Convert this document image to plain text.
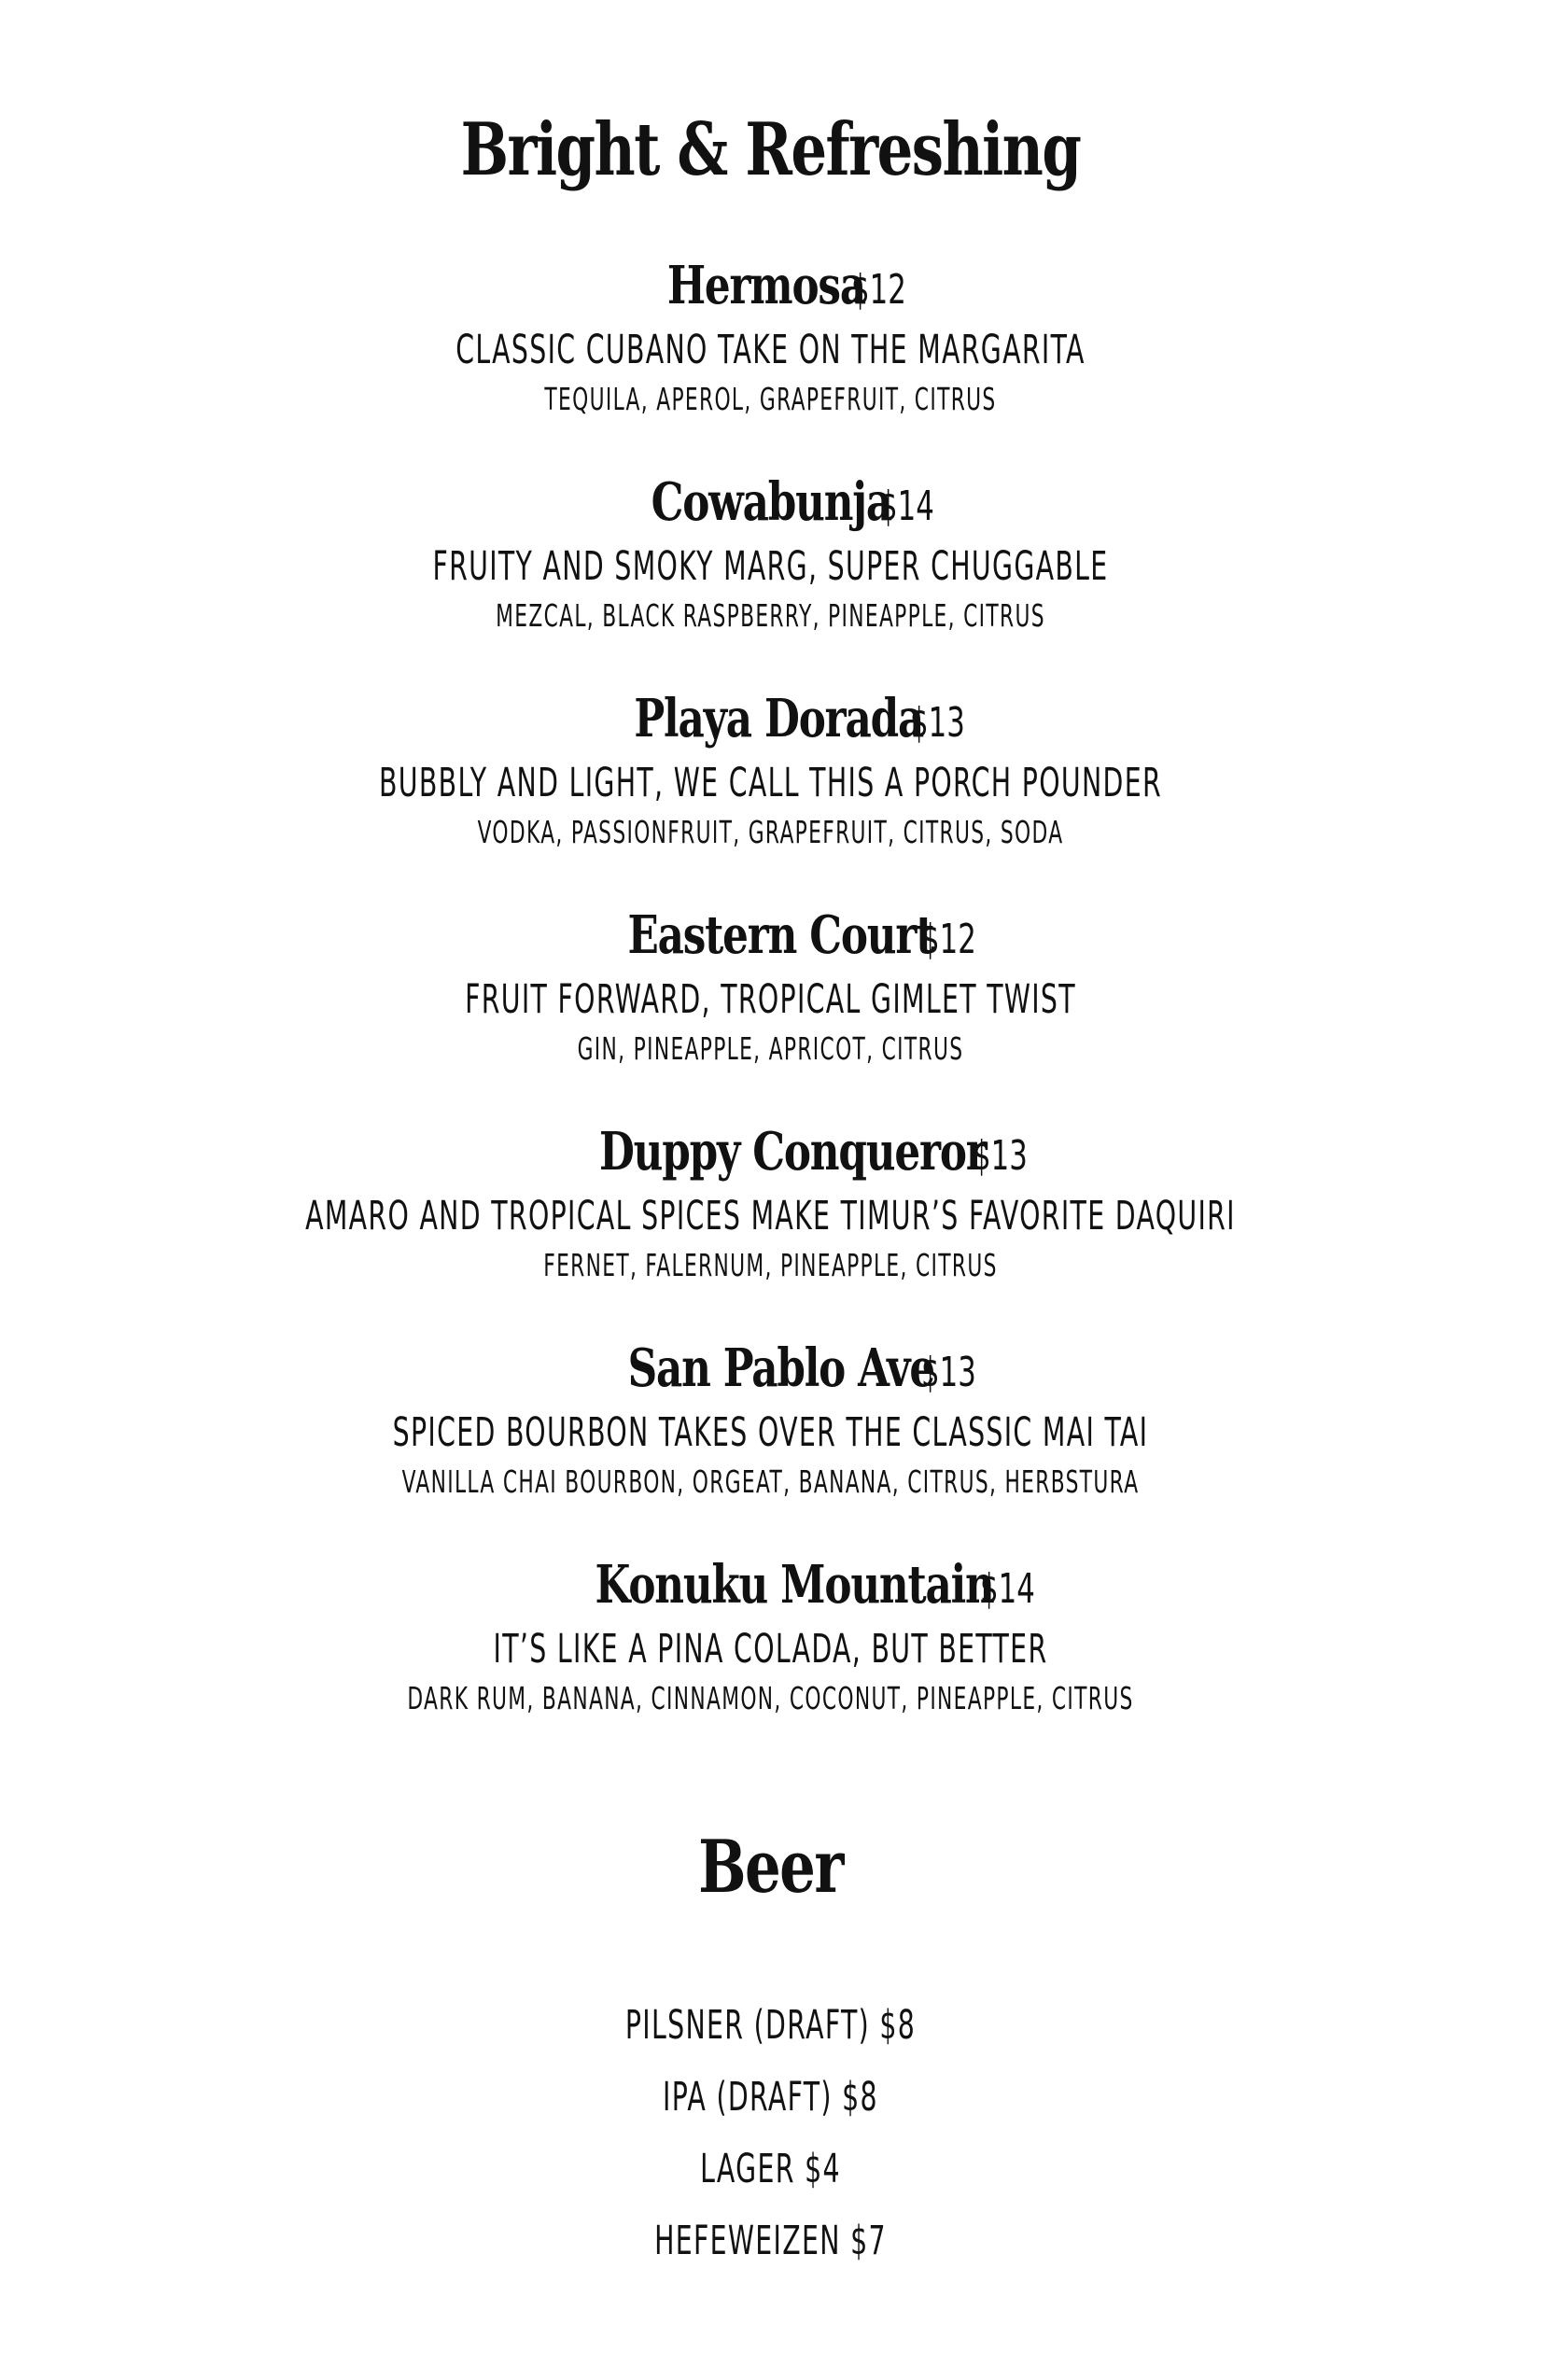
Bright & Refreshing
Hermosa $12
CLASSIC CUBANO TAKE ON THE MARGARITA
TEQUILA, APEROL, GRAPEFRUIT, CITRUS
Cowabunja $14
FRUITY AND SMOKY MARG, SUPER CHUGGABLE
MEZCAL, BLACK RASPBERRY, PINEAPPLE, CITRUS
Playa Dorada $13
BUBBLY AND LIGHT, WE CALL THIS A PORCH POUNDER
VODKA, PASSIONFRUIT, GRAPEFRUIT, CITRUS, SODA
Eastern Court $12
FRUIT FORWARD, TROPICAL GIMLET TWIST
GIN, PINEAPPLE, APRICOT, CITRUS
Duppy Conqueror $13
AMARO AND TROPICAL SPICES MAKE TIMUR’S FAVORITE DAQUIRI
FERNET, FALERNUM, PINEAPPLE, CITRUS
San Pablo Ave $13
SPICED BOURBON TAKES OVER THE CLASSIC MAI TAI
VANILLA CHAI BOURBON, ORGEAT, BANANA, CITRUS, HERBSTURA
Konuku Mountain $14
IT’S LIKE A PINA COLADA, BUT BETTER
DARK RUM, BANANA, CINNAMON, COCONUT, PINEAPPLE, CITRUS
Beer
PILSNER (DRAFT) $8
IPA (DRAFT) $8
LAGER $4
HEFEWEIZEN $7
